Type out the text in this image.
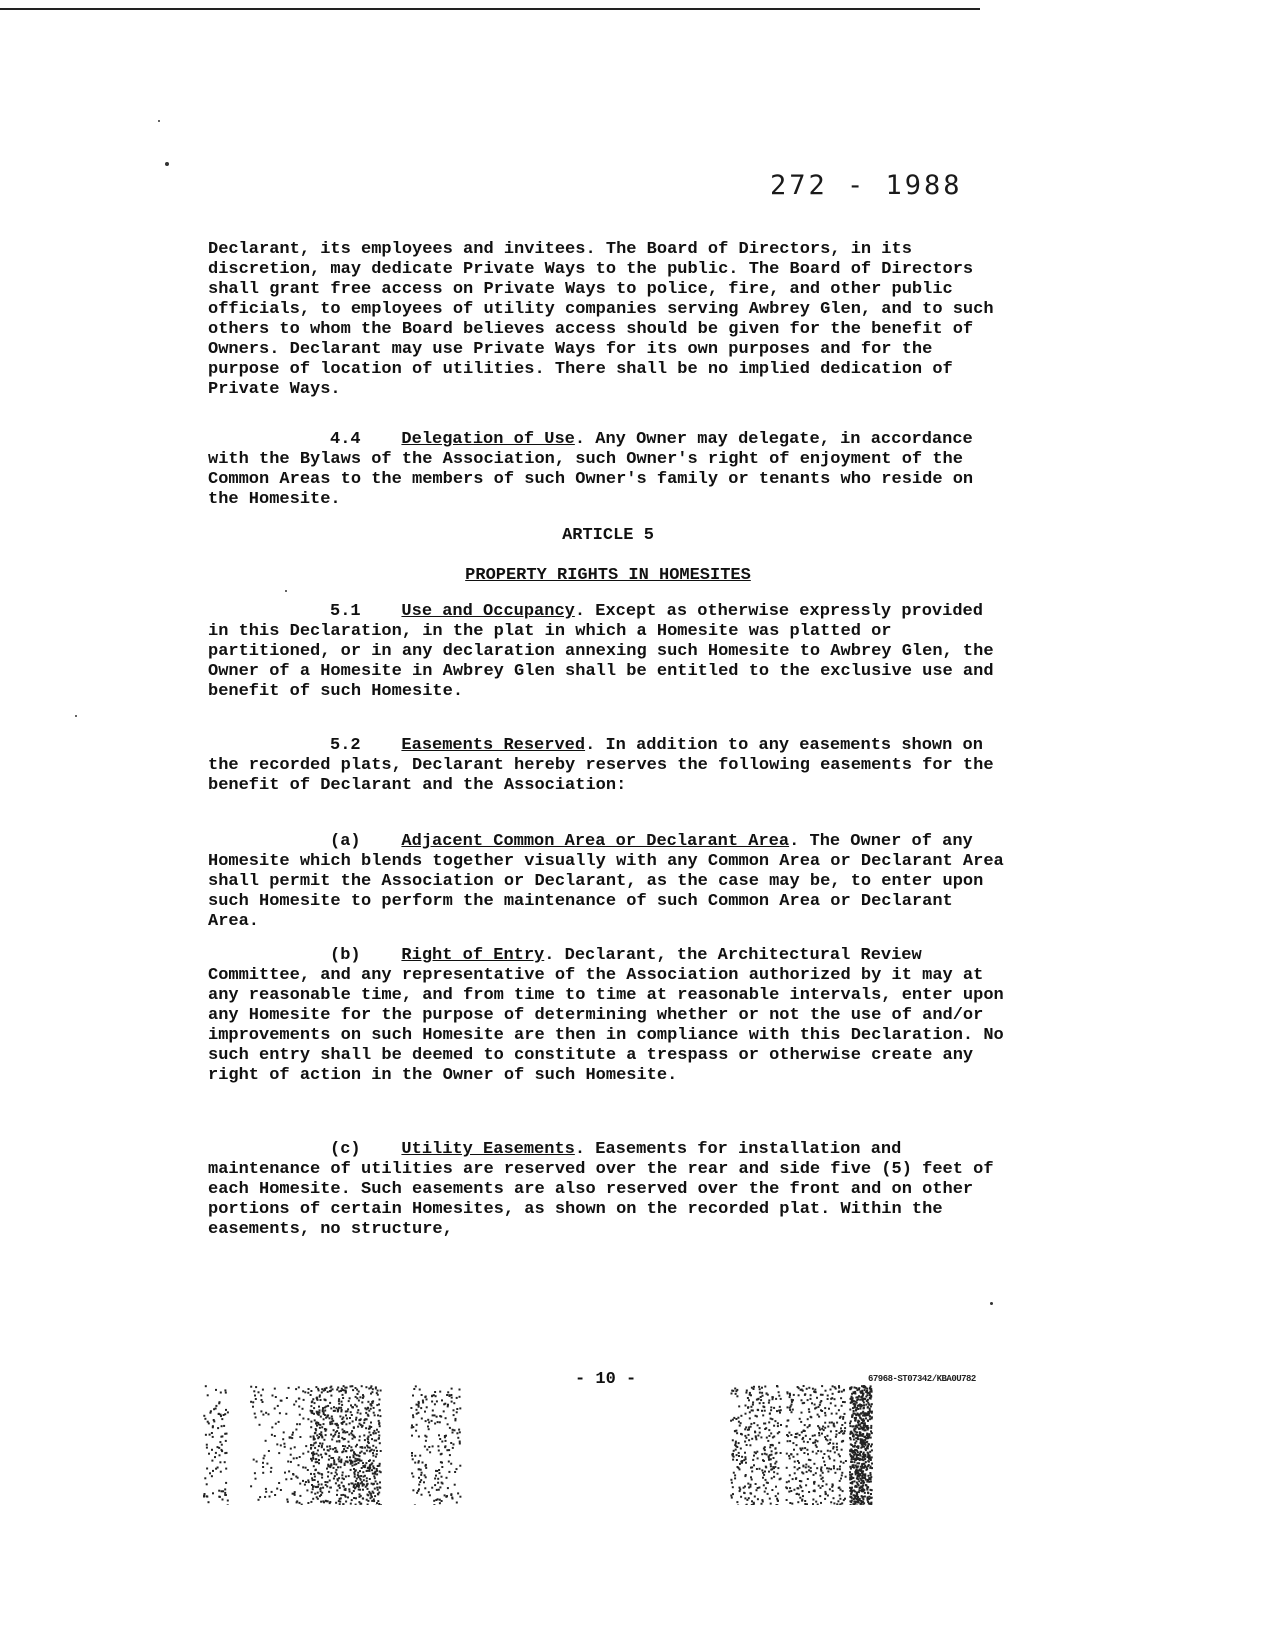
272 - 1988

Declarant, its employees and invitees. The Board of Directors, in its discretion, may dedicate Private Ways to the public. The Board of Directors shall grant free access on Private Ways to police, fire, and other public officials, to employees of utility companies serving Awbrey Glen, and to such others to whom the Board believes access should be given for the benefit of Owners. Declarant may use Private Ways for its own purposes and for the purpose of location of utilities. There shall be no implied dedication of Private Ways.

4.4 Delegation of Use. Any Owner may delegate, in accordance with the Bylaws of the Association, such Owner's right of enjoyment of the Common Areas to the members of such Owner's family or tenants who reside on the Homesite.

ARTICLE 5

PROPERTY RIGHTS IN HOMESITES

5.1 Use and Occupancy. Except as otherwise expressly provided in this Declaration, in the plat in which a Homesite was platted or partitioned, or in any declaration annexing such Homesite to Awbrey Glen, the Owner of a Homesite in Awbrey Glen shall be entitled to the exclusive use and benefit of such Homesite.

5.2 Easements Reserved. In addition to any easements shown on the recorded plats, Declarant hereby reserves the following easements for the benefit of Declarant and the Association:

(a) Adjacent Common Area or Declarant Area. The Owner of any Homesite which blends together visually with any Common Area or Declarant Area shall permit the Association or Declarant, as the case may be, to enter upon such Homesite to perform the maintenance of such Common Area or Declarant Area.

(b) Right of Entry. Declarant, the Architectural Review Committee, and any representative of the Association authorized by it may at any reasonable time, and from time to time at reasonable intervals, enter upon any Homesite for the purpose of determining whether or not the use of and/or improvements on such Homesite are then in compliance with this Declaration. No such entry shall be deemed to constitute a trespass or otherwise create any right of action in the Owner of such Homesite.

(c) Utility Easements. Easements for installation and maintenance of utilities are reserved over the rear and side five (5) feet of each Homesite. Such easements are also reserved over the front and on other portions of certain Homesites, as shown on the recorded plat. Within the easements, no structure,

- 10 -	67968-ST07342/KBA0U782
